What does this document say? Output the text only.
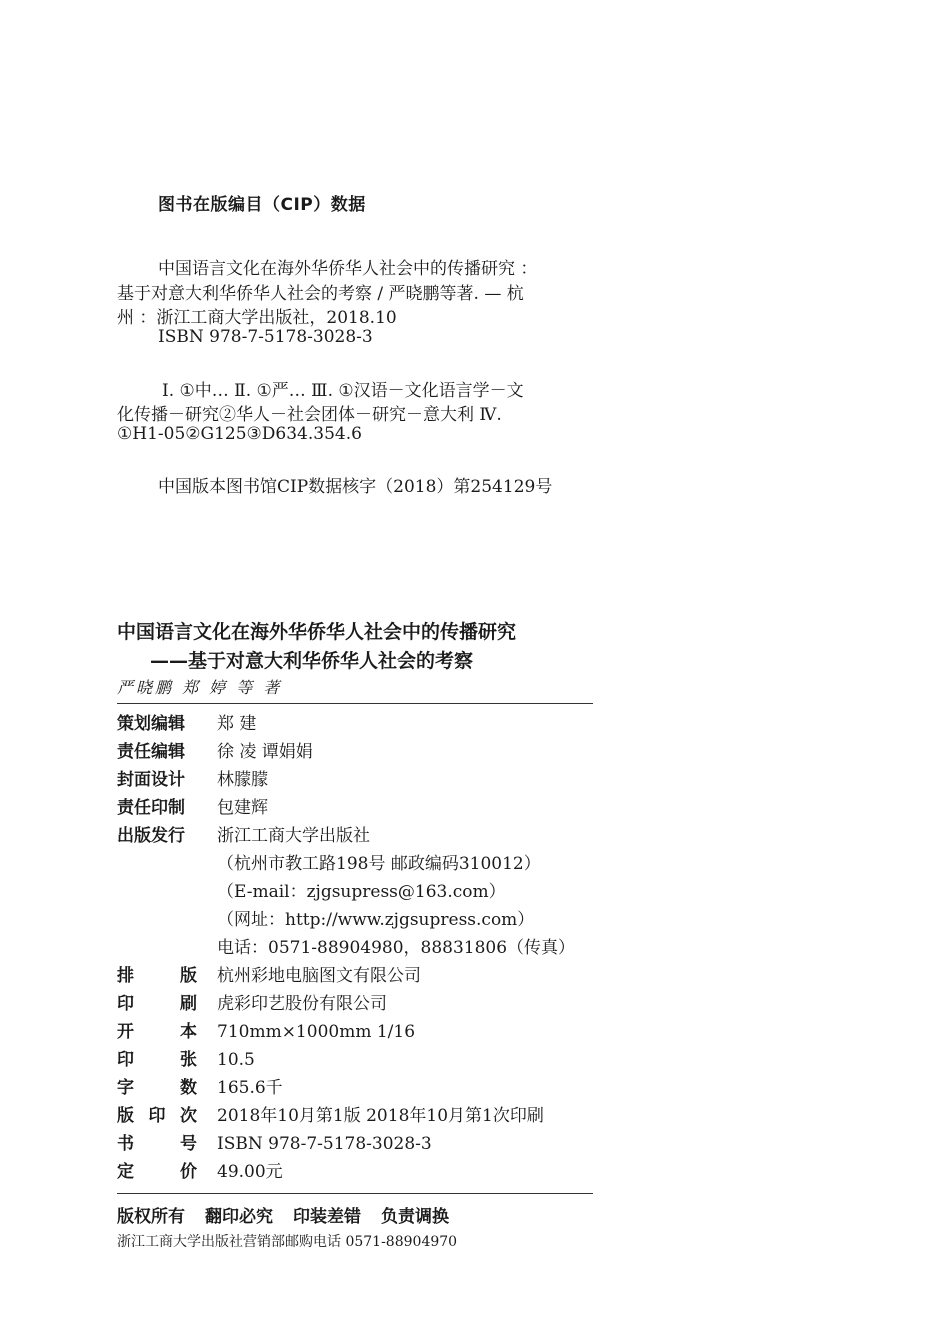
图书在版编目（CIP）数据
中国语言文化在海外华侨华人社会中的传播研究 ：
基于对意大利华侨华人社会的考察 / 严晓鹏等著. — 杭
州 ：浙江工商大学出版社，2018.10
ISBN 978-7-5178-3028-3
Ⅰ. ①中… Ⅱ. ①严… Ⅲ. ①汉语－文化语言学－文
化传播－研究②华人－社会团体－研究－意大利 Ⅳ.
①H1-05②G125③D634.354.6
中国版本图书馆CIP数据核字（2018）第254129号
中国语言文化在海外华侨华人社会中的传播研究
——基于对意大利华侨华人社会的考察
严晓鹏 郑 婷 等 著
策划编辑	郑 建
责任编辑	徐 凌 谭娟娟
封面设计	林朦朦
责任印制	包建辉
出版发行	浙江工商大学出版社
（杭州市教工路198号 邮政编码310012）
（E-mail：zjgsupress@163.com）
（网址：http://www.zjgsupress.com）
电话：0571-88904980，88831806（传真）
排版 杭州彩地电脑图文有限公司
印刷 虎彩印艺股份有限公司
开本 710mm×1000mm 1/16
印张 10.5
字数 165.6千
版印次 2018年10月第1版 2018年10月第1次印刷
书号 ISBN 978-7-5178-3028-3
定价 49.00元
版权所有 翻印必究 印装差错 负责调换
浙江工商大学出版社营销部邮购电话 0571-88904970
